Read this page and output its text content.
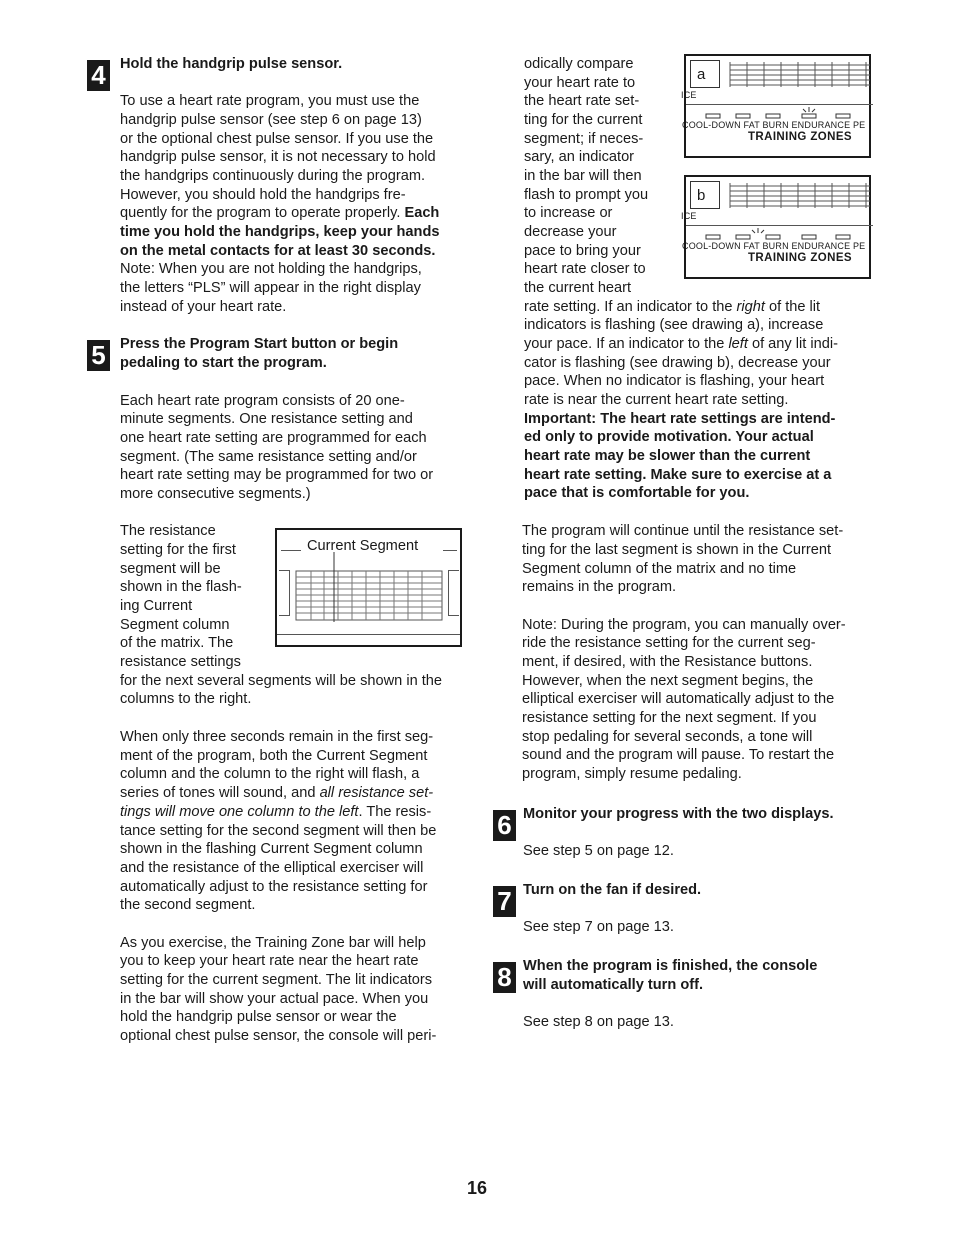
4 Hold the handgrip pulse sensor.
To use a heart rate program, you must use the
handgrip pulse sensor (see step 6 on page 13)
or the optional chest pulse sensor. If you use the
handgrip pulse sensor, it is not necessary to hold
the handgrips continuously during the program.
However, you should hold the handgrips fre-
quently for the program to operate properly. Each
time you hold the handgrips, keep your hands
on the metal contacts for at least 30 seconds.
Note: When you are not holding the handgrips,
the letters “PLS” will appear in the right display
instead of your heart rate.
5 Press the Program Start button or begin
pedaling to start the program.
Each heart rate program consists of 20 one-
minute segments. One resistance setting and
one heart rate setting are programmed for each
segment. (The same resistance setting and/or
heart rate setting may be programmed for two or
more consecutive segments.)
The resistance
setting for the first
segment will be
shown in the flash-
ing Current
Segment column
of the matrix. The
resistance settings
for the next several segments will be shown in the
columns to the right.
Current Segment
When only three seconds remain in the first seg-
ment of the program, both the Current Segment
column and the column to the right will flash, a
series of tones will sound, and all resistance set-
tings will move one column to the left. The resis-
tance setting for the second segment will then be
shown in the flashing Current Segment column
and the resistance of the elliptical exerciser will
automatically adjust to the resistance setting for
the second segment.
As you exercise, the Training Zone bar will help
you to keep your heart rate near the heart rate
setting for the current segment. The lit indicators
in the bar will show your actual pace. When you
hold the handgrip pulse sensor or wear the
optional chest pulse sensor, the console will peri-
odically compare
your heart rate to
the heart rate set-
ting for the current
segment; if neces-
sary, an indicator
in the bar will then
flash to prompt you
to increase or
decrease your
pace to bring your
heart rate closer to
the current heart
rate setting. If an indicator to the right of the lit
indicators is flashing (see drawing a), increase
your pace. If an indicator to the left of any lit indi-
cator is flashing (see drawing b), decrease your
pace. When no indicator is flashing, your heart
rate is near the current heart rate setting.
Important: The heart rate settings are intend-
ed only to provide motivation. Your actual
heart rate may be slower than the current
heart rate setting. Make sure to exercise at a
pace that is comfortable for you.
The program will continue until the resistance set-
ting for the last segment is shown in the Current
Segment column of the matrix and no time
remains in the program.
Note: During the program, you can manually over-
ride the resistance setting for the current seg-
ment, if desired, with the Resistance buttons.
However, when the next segment begins, the
elliptical exerciser will automatically adjust to the
resistance setting for the next segment. If you
stop pedaling for several seconds, a tone will
sound and the program will pause. To restart the
program, simply resume pedaling.
a
ICE
COOL-DOWN FAT BURN ENDURANCE PE
TRAINING ZONES
b
ICE
COOL-DOWN FAT BURN ENDURANCE PE
TRAINING ZONES
6 Monitor your progress with the two displays.
See step 5 on page 12.
7 Turn on the fan if desired.
See step 7 on page 13.
8 When the program is finished, the console
will automatically turn off.
See step 8 on page 13.
16
